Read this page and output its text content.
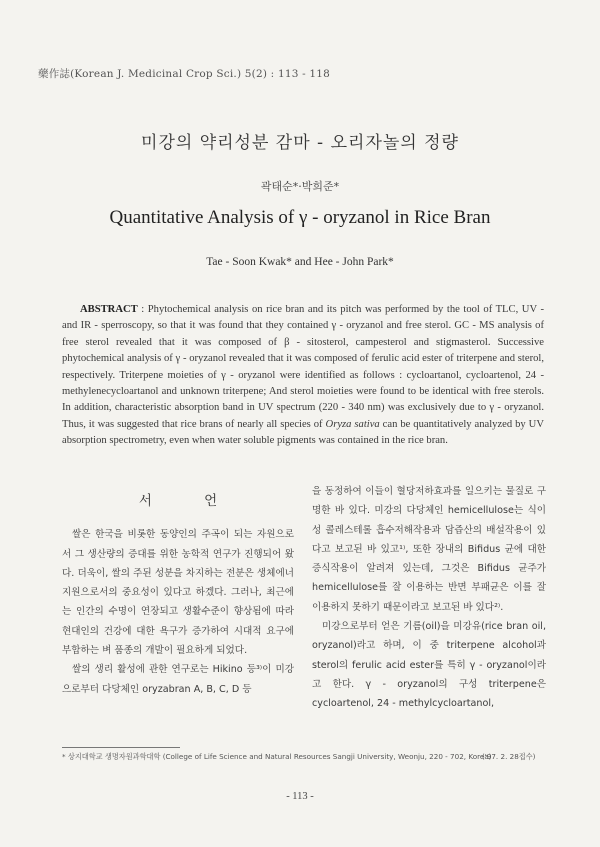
藥作誌(Korean J. Medicinal Crop Sci.) 5(2) : 113 - 118
미강의 약리성분 감마 - 오리자놀의 정량
곽태순*·박희준*
Quantitative Analysis of γ - oryzanol in Rice Bran
Tae - Soon Kwak* and Hee - John Park*
ABSTRACT : Phytochemical analysis on rice bran and its pitch was performed by the tool of TLC, UV - and IR - sperroscopy, so that it was found that they contained γ - oryzanol and free sterol. GC - MS analysis of free sterol revealed that it was composed of β - sitosterol, campesterol and stigmasterol. Successive phytochemical analysis of γ - oryzanol revealed that it was composed of ferulic acid ester of triterpene and sterol, respectively. Triterpene moieties of γ - oryzanol were identified as follows : cycloartanol, cycloartenol, 24 - methylenecycloartanol and unknown triterpene; And sterol moieties were found to be identical with free sterols. In addition, characteristic absorption band in UV spectrum (220 - 340 nm) was exclusively due to γ - oryzanol. Thus, it was suggested that rice brans of nearly all species of Oryza sativa can be quantitatively analyzed by UV absorption spectrometry, even when water soluble pigments was contained in the rice bran.
서 언

쌀은 한국을 비롯한 동양인의 주곡이 되는 자원으로서 그 생산량의 증대를 위한 농학적 연구가 진행되어 왔다. 더욱이, 쌀의 주된 성분을 차지하는 전분은 생체에너지원으로서의 중요성이 있다고 하겠다. 그러나, 최근에는 인간의 수명이 연장되고 생활수준이 향상됨에 따라 현대인의 건강에 대한 욕구가 증가하여 시대적 요구에 부합하는 벼 품종의 개발이 필요하게 되었다.

쌀의 생리 활성에 관한 연구로는 Hikino 등³⁾이 미강으로부터 다당체인 oryzabran A, B, C, D 등

을 동정하여 이들이 혈당저하효과를 일으키는 물질로 구명한 바 있다. 미강의 다당체인 hemicellulose는 식이성 콜레스테롤 흡수저해작용과 담즙산의 배설작용이 있다고 보고된 바 있고¹⁾, 또한 장내의 Bifidus 균에 대한 증식작용이 알려져 있는데, 그것은 Bifidus 균주가 hemicellulose를 잘 이용하는 반면 부패균은 이를 잘 이용하지 못하기 때문이라고 보고된 바 있다²⁾.

미강으로부터 얻은 기름(oil)을 미강유(rice bran oil, oryzanol)라고 하며, 이 중 triterpene alcohol과 sterol의 ferulic acid ester를 특히 γ - oryzanol이라고 한다. γ - oryzanol의 구성 triterpene은 cycloartenol, 24 - methylcycloartanol,

* 상지대학교 생명자원과학대학 (College of Life Science and Natural Resources Sangji University, Weonju, 220 - 702, Korea)
('97. 2. 28접수)
- 113 -
